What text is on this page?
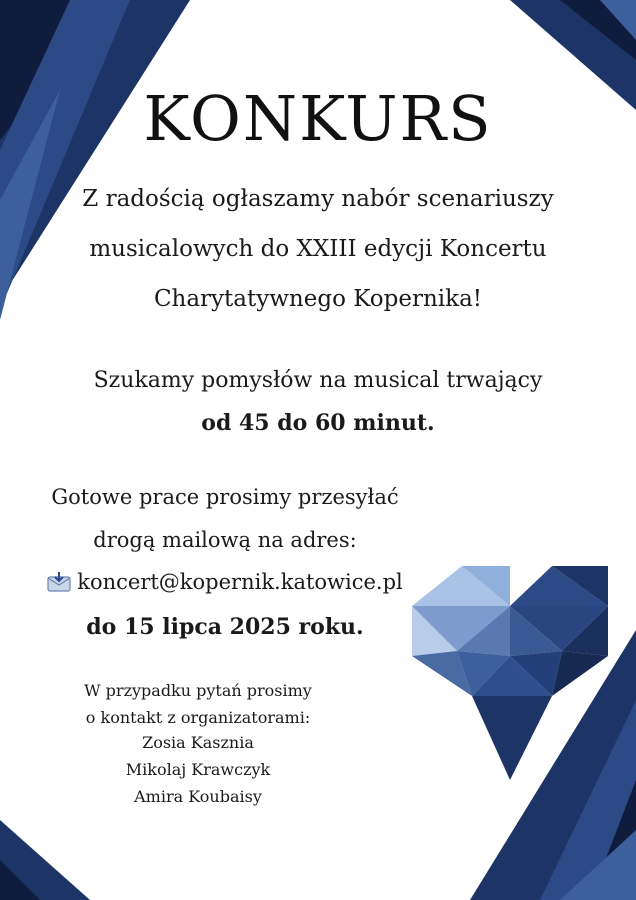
KONKURS
Z radością ogłaszamy nabór scenariuszy
musicalowych do XXIII edycji Koncertu
Charytatywnego Kopernika!
Szukamy pomysłów na musical trwający
od 45 do 60 minut.
Gotowe prace prosimy przesyłać
drogą mailową na adres:
koncert@kopernik.katowice.pl
do 15 lipca 2025 roku.
W przypadku pytań prosimy
o kontakt z organizatorami:
Zosia Kasznia
Mikolaj Krawczyk
Amira Koubaisy
